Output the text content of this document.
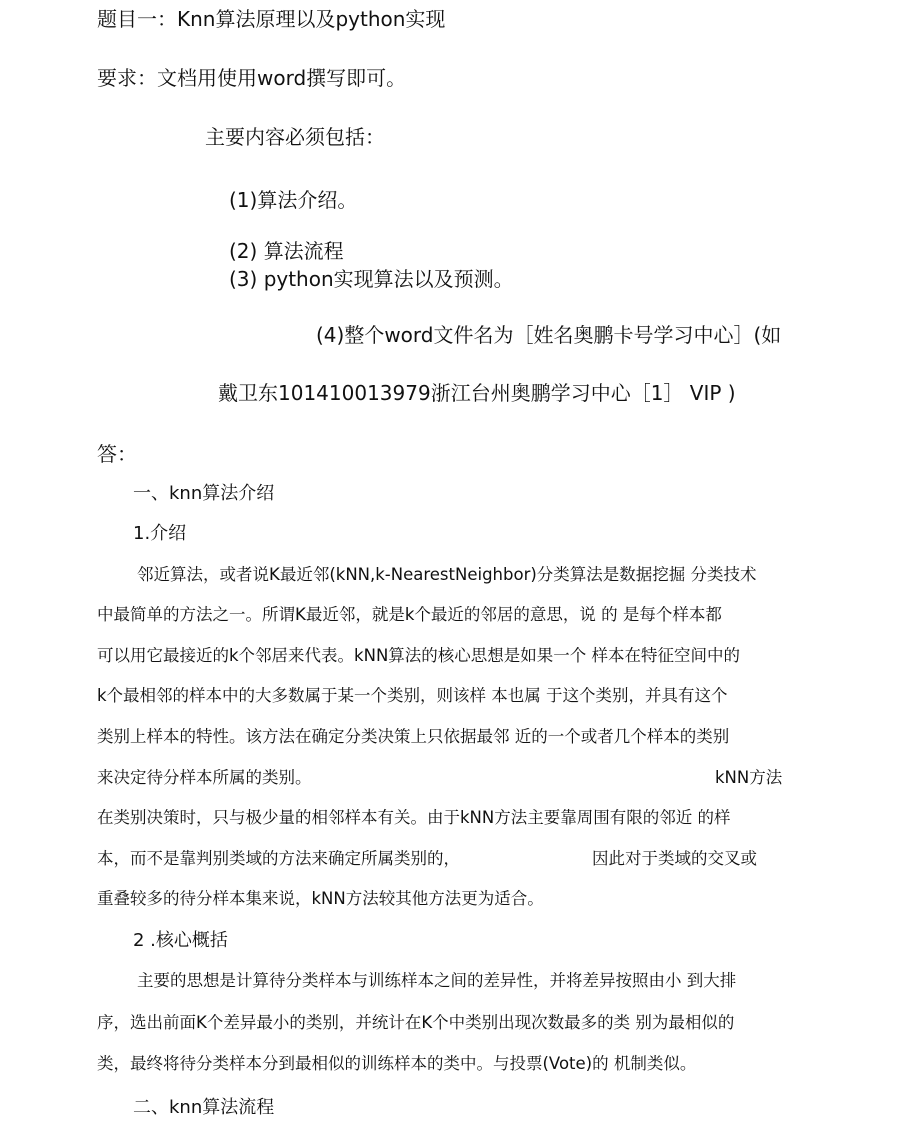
题目一：Knn算法原理以及python实现

要求：文档用使用word撰写即可。

主要内容必须包括：

(1)算法介绍。

(2) 算法流程

(3) python实现算法以及预测。

(4)整个word文件名为［姓名奥鹏卡号学习中心］(如

戴卫东101410013979浙江台州奥鹏学习中心［1］ VIP )

答：

一、knn算法介绍

1.介绍

邻近算法，或者说K最近邻(kNN,k-NearestNeighbor)分类算法是数据挖掘 分类技术

中最简单的方法之一。所谓K最近邻，就是k个最近的邻居的意思，说 的 是每个样本都

可以用它最接近的k个邻居来代表。kNN算法的核心思想是如果一个 样本在特征空间中的

k个最相邻的样本中的大多数属于某一个类别，则该样 本也属 于这个类别，并具有这个

类别上样本的特性。该方法在确定分类决策上只依据最邻 近的一个或者几个样本的类别

来决定待分样本所属的类别。	kNN方法

在类别决策时，只与极少量的相邻样本有关。由于kNN方法主要靠周围有限的邻近 的样

本，而不是靠判别类域的方法来确定所属类别的，	因此对于类域的交叉或

重叠较多的待分样本集来说，kNN方法较其他方法更为适合。

2 .核心概括

主要的思想是计算待分类样本与训练样本之间的差异性，并将差异按照由小 到大排

序，选出前面K个差异最小的类别，并统计在K个中类别出现次数最多的类 别为最相似的

类，最终将待分类样本分到最相似的训练样本的类中。与投票(Vote)的 机制类似。

二、knn算法流程
